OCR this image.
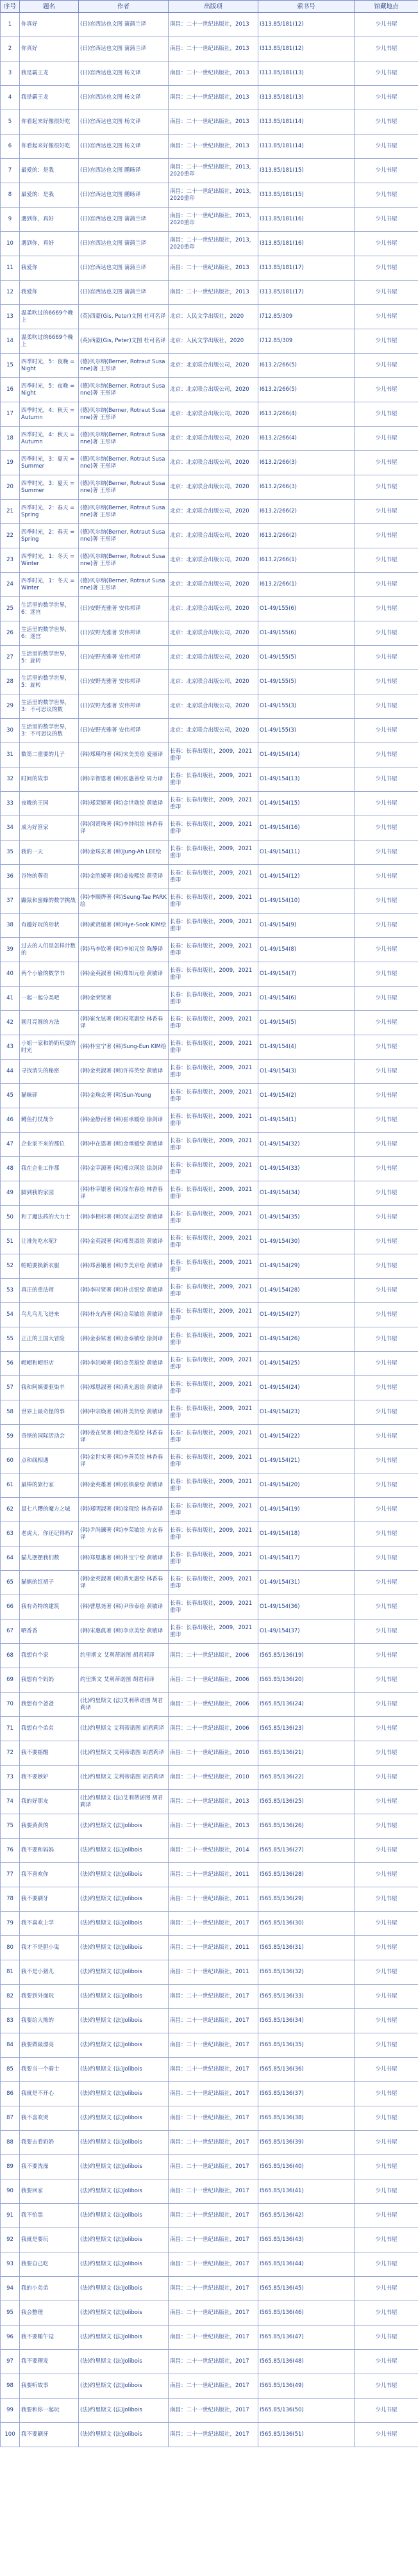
序号	题名	作者	出版项	索书号	馆藏地点
1	你真好	(日)宫西达也文图 蒲蒲兰译	南昌：二十一世纪出版社，2013	I313.85/181(12)	少儿书屋
2	你真好	(日)宫西达也文图 蒲蒲兰译	南昌：二十一世纪出版社，2013	I313.85/181(12)	少儿书屋
3	我是霸王龙	(日)宫西达也文图 杨文译	南昌：二十一世纪出版社，2013	I313.85/181(13)	少儿书屋
4	我是霸王龙	(日)宫西达也文图 杨文译	南昌：二十一世纪出版社，2013	I313.85/181(13)	少儿书屋
5	你看起来好像很好吃	(日)宫西达也文图 杨文译	南昌：二十一世纪出版社，2013	I313.85/181(14)	少儿书屋
6	你看起来好像很好吃	(日)宫西达也文图 杨文译	南昌：二十一世纪出版社，2013	I313.85/181(14)	少儿书屋
7	最爱的：是我	(日)宫西达也文图 鹏旸译	南昌：二十一世纪出版社，2013，2020重印	I313.85/181(15)	少儿书屋
8	最爱的：是我	(日)宫西达也文图 鹏旸译	南昌：二十一世纪出版社，2013，2020重印	I313.85/181(15)	少儿书屋
9	遇到你，真好	(日)宫西达也文图 蒲蒲兰译	南昌：二十一世纪出版社，2013，2020重印	I313.85/181(16)	少儿书屋
10	遇到你，真好	(日)宫西达也文图 蒲蒲兰译	南昌：二十一世纪出版社，2013，2020重印	I313.85/181(16)	少儿书屋
11	我爱你	(日)宫西达也文图 蒲蒲兰译	南昌：二十一世纪出版社，2013	I313.85/181(17)	少儿书屋
12	我爱你	(日)宫西达也文图 蒲蒲兰译	南昌：二十一世纪出版社，2013	I313.85/181(17)	少儿书屋
13	温柔吹过的6669个晚上	(英)西蒙(Gis, Peter)文图 杜可名译	北京：人民文学出版社，2020	I712.85/309	少儿书屋
14	温柔吹过的6669个晚上	(英)西蒙(Gis, Peter)文图 杜可名译	北京：人民文学出版社，2020	I712.85/309	少儿书屋
15	四季时光，5：夜晚 = Night	(德)贝尔纳(Berner, Rotraut Susanne)著 王彤译	北京：北京联合出版公司，2020	I613.2/266(5)	少儿书屋
16	四季时光，5：夜晚 = Night	(德)贝尔纳(Berner, Rotraut Susanne)著 王彤译	北京：北京联合出版公司，2020	I613.2/266(5)	少儿书屋
17	四季时光，4：秋天 = Autumn	(德)贝尔纳(Berner, Rotraut Susanne)著 王彤译	北京：北京联合出版公司，2020	I613.2/266(4)	少儿书屋
18	四季时光，4：秋天 = Autumn	(德)贝尔纳(Berner, Rotraut Susanne)著 王彤译	北京：北京联合出版公司，2020	I613.2/266(4)	少儿书屋
19	四季时光，3：夏天 = Summer	(德)贝尔纳(Berner, Rotraut Susanne)著 王彤译	北京：北京联合出版公司，2020	I613.2/266(3)	少儿书屋
20	四季时光，3：夏天 = Summer	(德)贝尔纳(Berner, Rotraut Susanne)著 王彤译	北京：北京联合出版公司，2020	I613.2/266(3)	少儿书屋
21	四季时光，2：春天 = Spring	(德)贝尔纳(Berner, Rotraut Susanne)著 王彤译	北京：北京联合出版公司，2020	I613.2/266(2)	少儿书屋
22	四季时光，2：春天 = Spring	(德)贝尔纳(Berner, Rotraut Susanne)著 王彤译	北京：北京联合出版公司，2020	I613.2/266(2)	少儿书屋
23	四季时光，1：冬天 = Winter	(德)贝尔纳(Berner, Rotraut Susanne)著 王彤译	北京：北京联合出版公司，2020	I613.2/266(1)	少儿书屋
24	四季时光，1：冬天 = Winter	(德)贝尔纳(Berner, Rotraut Susanne)著 王彤译	北京：北京联合出版公司，2020	I613.2/266(1)	少儿书屋
25	生活里的数学世界，6：迷宫	(日)安野光雅著 安伟邦译	北京：北京联合出版公司，2020	O1-49/155(6)	少儿书屋
26	生活里的数学世界，6：迷宫	(日)安野光雅著 安伟邦译	北京：北京联合出版公司，2020	O1-49/155(6)	少儿书屋
27	生活里的数学世界，5：旋转	(日)安野光雅著 安伟邦译	北京：北京联合出版公司，2020	O1-49/155(5)	少儿书屋
28	生活里的数学世界，5：旋转	(日)安野光雅著 安伟邦译	北京：北京联合出版公司，2020	O1-49/155(5)	少儿书屋
29	生活里的数学世界，3：不可思议的数	(日)安野光雅著 安伟邦译	北京：北京联合出版公司，2020	O1-49/155(3)	少儿书屋
30	生活里的数学世界，3：不可思议的数	(日)安野光雅著 安伟邦译	北京：北京联合出版公司，2020	O1-49/155(3)	少儿书屋
31	数第二重要的儿子	(韩)郑瑛均著 (韩)宋美美绘 爱丽译	长春：长春出版社，2009，2021重印	O1-49/154(14)	少儿书屋
32	时间的故事	(韩)辛智恩著 (韩)张惠善绘 周力译	长春：长春出版社，2009，2021重印	O1-49/154(13)	少儿书屋
33	夜晚的王国	(韩)郑荣姬著 (韩)金世勋绘 黄敏译	长春：长春出版社，2009，2021重印	O1-49/154(15)	少儿书屋
34	成为好管家	(韩)闵贤珠著 (韩)李钟琪绘 林香春译	长春：长春出版社，2009，2021重印	O1-49/154(16)	少儿书屋
35	我的一天	(韩)金珠玄著 (韩)Jung-Ah LEE绘	长春：长春出版社，2009，2021重印	O1-49/154(11)	少儿书屋
36	谷物的尊贵	(韩)金胜媛著 (韩)姜俊熙绘 黄莹译	长春：长春出版社，2009，2021重印	O1-49/154(12)	少儿书屋
37	鼹鼠和蜜蜂的数学挑战	(韩)李顺烨著 (韩)Seung-Tae PARK绘	长春：长春出版社，2009，2021重印	O1-49/154(10)	少儿书屋
38	有趣好玩的形状	(韩)黄贤植著 (韩)Hye-Sook KIM绘	长春：长春出版社，2009，2021重印	O1-49/154(9)	少儿书屋
39	过去的人们是怎样计数的	(韩)马李钦著 (韩)李知元绘 陈静译	长春：长春出版社，2009，2021重印	O1-49/154(8)	少儿书屋
40	两个小偷的数学书	(韩)金英淑著 (韩)郑知元绘 黄敏译	长春：长春出版社，2009，2021重印	O1-49/154(7)	少儿书屋
41	一起一起分类吧	(韩)金荣贤著	长春：长春出版社，2009，2021重印	O1-49/154(6)	少儿书屋
42	圆月亮圆的方法	(韩)崔允铉著 (韩)权笔惠绘 林香春译	长春：长春出版社，2009，2021重印	O1-49/154(5)	少儿书屋
43	小姐一家和奶奶玩耍的时光	(韩)朴宝宁著 (韩)Sung-Eun KIM绘	长春：长春出版社，2009，2021重印	O1-49/154(4)	少儿书屋
44	寻找消失的秘密	(韩)金英淑著 (韩)许祥英绘 黄敏译	长春：长春出版社，2009，2021重印	O1-49/154(3)	少儿书屋
45	猫咪砰	(韩)金珠玄著 (韩)Sun-Young	长春：长春出版社，2009，2021重印	O1-49/154(2)	少儿书屋
46	鳟鱼打仗战争	(韩)金静河著 (韩)崔承媛绘 徐剑译	长春：长春出版社，2009，2021重印	O1-49/154(1)	少儿书屋
47	企业家不来的那位	(韩)申在恩著 (韩)金承媛绘 黄敏译	长春：长春出版社，2009，2021重印	O1-49/154(32)	少儿书屋
48	我在企业工作那	(韩)金宰源著 (韩)郑京瑛绘 徐剑译	长春：长春出版社，2009，2021重印	O1-49/154(33)	少儿书屋
49	脚到我的家园	(韩)朴宰银著 (韩)徐东春绘 林香春译	长春：长春出版社，2009，2021重印	O1-49/154(34)	少儿书屋
50	和了魔法药的大力士	(韩)李相杉著 (韩)闵志恩绘 黄敏译	长春：长春出版社，2009，2021重印	O1-49/154(35)	少儿书屋
51	让谁先吃水呢?	(韩)金英淑著 (韩)郑贤淑绘 黄敏译	长春：长春出版社，2009，2021重印	O1-49/154(30)	少儿书屋
52	帕帕要换新衣服	(韩)郑善娥著 (韩)李美京绘 黄敏译	长春：长春出版社，2009，2021重印	O1-49/154(29)	少儿书屋
53	真正的重法师	(韩)李时贤著 (韩)朴贞银绘 黄敏译	长春：长春出版社，2009，2021重印	O1-49/154(28)	少儿书屋
54	鸟儿鸟儿飞进来	(韩)朴允尚著 (韩)金荣敏绘 黄敏译	长春：长春出版社，2009，2021重印	O1-49/154(27)	少儿书屋
55	正正的王国大冒险	(韩)金泰铉著 (韩)金泰敏绘 徐剑译	长春：长春出版社，2009，2021重印	O1-49/154(26)	少儿书屋
56	帽帽和帽哥店	(韩)李沅峻著 (韩)金英雄绘 黄敏译	长春：长春出版社，2009，2021重印	O1-49/154(25)	少儿书屋
57	我和阿姨要驱染羊	(韩)郑恩淑著 (韩)黄允惠绘 黄敏译	长春：长春出版社，2009，2021重印	O1-49/154(24)	少儿书屋
58	世界上最奇怪的事	(韩)申宗焕著 (韩)朴美贤绘 黄敏译	长春：长春出版社，2009，2021重印	O1-49/154(23)	少儿书屋
59	奇怪的国际活动会	(韩)姜在贤著 (韩)金英雄绘 林香春译	长春：长春出版社，2009，2021重印	O1-49/154(22)	少儿书屋
60	点和线相遇	(韩)金世实著 (韩)李善英绘 林香春译	长春：长春出版社，2009，2021重印	O1-49/154(21)	少儿书屋
61	最棒的旅行家	(韩)金英雄著 (韩)张镇豪绘 黄敏译	长春：长春出版社，2009，2021重印	O1-49/154(20)	少儿书屋
62	鼠七八糟的魔方之城	(韩)郑明淑著 (韩)徐现绘 林香春译	长春：长春出版社，2009，2021重印	O1-49/154(19)	少儿书屋
63	老虎大，你还记得吗?	(韩)尹尚鍊著 (韩)李荣敏绘 方玄春译	长春：长春出版社，2009，2021重印	O1-49/154(18)	少儿书屋
64	猫儿摆摆我们数	(韩)郑恩惠著 (韩)朴宝宁绘 黄敏译	长春：长春出版社，2009，2021重印	O1-49/154(17)	少儿书屋
65	猫熊的红裙子	(韩)金英淑著 (韩)黄允惠绘 林香春译	长春：长春出版社，2009，2021重印	O1-49/154(31)	少儿书屋
66	我有奇特的建筑	(韩)曹恩尧著 (韩)尹珍泰绘 黄敏译	长春：长春出版社，2009，2021重印	O1-49/154(36)	少儿书屋
67	晒香香	(韩)宋惠眞著 (韩)李京美绘 黄敏译	长春：长春出版社，2009，2021重印	O1-49/154(37)	少儿书屋
68	我想有个家	约里斯文 艾利蒂诺图 胡君莉译	南昌：二十一世纪出版社，2006	I565.85/136(19)	少儿书屋
69	我想有个妈妈	约里斯文 艾利蒂诺图 胡君莉译	南昌：二十一世纪出版社，2006	I565.85/136(20)	少儿书屋
70	我想有个爸爸	(比)约里斯文 (法)艾利蒂诺图 胡君莉译	南昌：二十一世纪出版社，2006	I565.85/136(24)	少儿书屋
71	我想有个弟弟	(比)约里斯文 艾利蒂诺图 胡君莉译	南昌：二十一世纪出版社，2006	I565.85/136(23)	少儿书屋
72	我不要摇醒	(比)约里斯文 艾利蒂诺图 胡君莉译	南昌：二十一世纪出版社，2010	I565.85/136(21)	少儿书屋
73	我不要嫉妒	(比)约里斯文 艾利蒂诺图 胡君莉译	南昌：二十一世纪出版社，2010	I565.85/136(22)	少儿书屋
74	我的好朋友	(比)约里斯文 (法)艾利蒂诺图 胡君莉译	南昌：二十一世纪出版社，2013	I565.85/136(25)	少儿书屋
75	我要黄黄的	(法)约里斯文 (法)Jolibois	南昌：二十一世纪出版社，2013	I565.85/136(26)	少儿书屋
76	我不要和妈妈	(法)约里斯文 (法)Jolibois	南昌：二十一世纪出版社，2014	I565.85/136(27)	少儿书屋
77	我不喜欢你	(法)约里斯文 (法)Jolibois	南昌：二十一世纪出版社，2011	I565.85/136(28)	少儿书屋
78	我不要刷牙	(法)约里斯文 (法)Jolibois	南昌：二十一世纪出版社，2011	I565.85/136(29)	少儿书屋
79	我不喜欢上学	(法)约里斯文 (法)Jolibois	南昌：二十一世纪出版社，2017	I565.85/136(30)	少儿书屋
80	我才不是胆小鬼	(法)约里斯文 (法)Jolibois	南昌：二十一世纪出版社，2011	I565.85/136(31)	少儿书屋
81	我不是小猪儿	(法)约里斯文 (法)Jolibois	南昌：二十一世纪出版社，2011	I565.85/136(32)	少儿书屋
82	我要到外面玩	(法)约里斯文 (法)Jolibois	南昌：二十一世纪出版社，2017	I565.85/136(33)	少儿书屋
83	我要给大熊的	(法)约里斯文 (法)Jolibois	南昌：二十一世纪出版社，2017	I565.85/136(34)	少儿书屋
84	我要做最漂亮	(法)约里斯文 (法)Jolibois	南昌：二十一世纪出版社，2017	I565.85/136(35)	少儿书屋
85	我要当一个骑士	(法)约里斯文 (法)Jolibois	南昌：二十一世纪出版社，2017	I565.85/136(36)	少儿书屋
86	我就是不开心	(法)约里斯文 (法)Jolibois	南昌：二十一世纪出版社，2017	I565.85/136(37)	少儿书屋
87	我不喜欢哭	(法)约里斯文 (法)Jolibois	南昌：二十一世纪出版社，2017	I565.85/136(38)	少儿书屋
88	我要去看奶奶	(法)约里斯文 (法)Jolibois	南昌：二十一世纪出版社，2017	I565.85/136(39)	少儿书屋
89	我不要洗澡	(法)约里斯文 (法)Jolibois	南昌：二十一世纪出版社，2017	I565.85/136(40)	少儿书屋
90	我要回家	(法)约里斯文 (法)Jolibois	南昌：二十一世纪出版社，2017	I565.85/136(41)	少儿书屋
91	我不怕黑	(法)约里斯文 (法)Jolibois	南昌：二十一世纪出版社，2017	I565.85/136(42)	少儿书屋
92	我就是要玩	(法)约里斯文 (法)Jolibois	南昌：二十一世纪出版社，2017	I565.85/136(43)	少儿书屋
93	我要自己吃	(法)约里斯文 (法)Jolibois	南昌：二十一世纪出版社，2017	I565.85/136(44)	少儿书屋
94	我的小弟弟	(法)约里斯文 (法)Jolibois	南昌：二十一世纪出版社，2017	I565.85/136(45)	少儿书屋
95	我会整理	(法)约里斯文 (法)Jolibois	南昌：二十一世纪出版社，2017	I565.85/136(46)	少儿书屋
96	我不要睡午觉	(法)约里斯文 (法)Jolibois	南昌：二十一世纪出版社，2017	I565.85/136(47)	少儿书屋
97	我不要理发	(法)约里斯文 (法)Jolibois	南昌：二十一世纪出版社，2017	I565.85/136(48)	少儿书屋
98	我要听故事	(法)约里斯文 (法)Jolibois	南昌：二十一世纪出版社，2017	I565.85/136(49)	少儿书屋
99	我要和你一起玩	(法)约里斯文 (法)Jolibois	南昌：二十一世纪出版社，2017	I565.85/136(50)	少儿书屋
100	我不要刷牙	(法)约里斯文 (法)Jolibois	南昌：二十一世纪出版社，2017	I565.85/136(51)	少儿书屋
